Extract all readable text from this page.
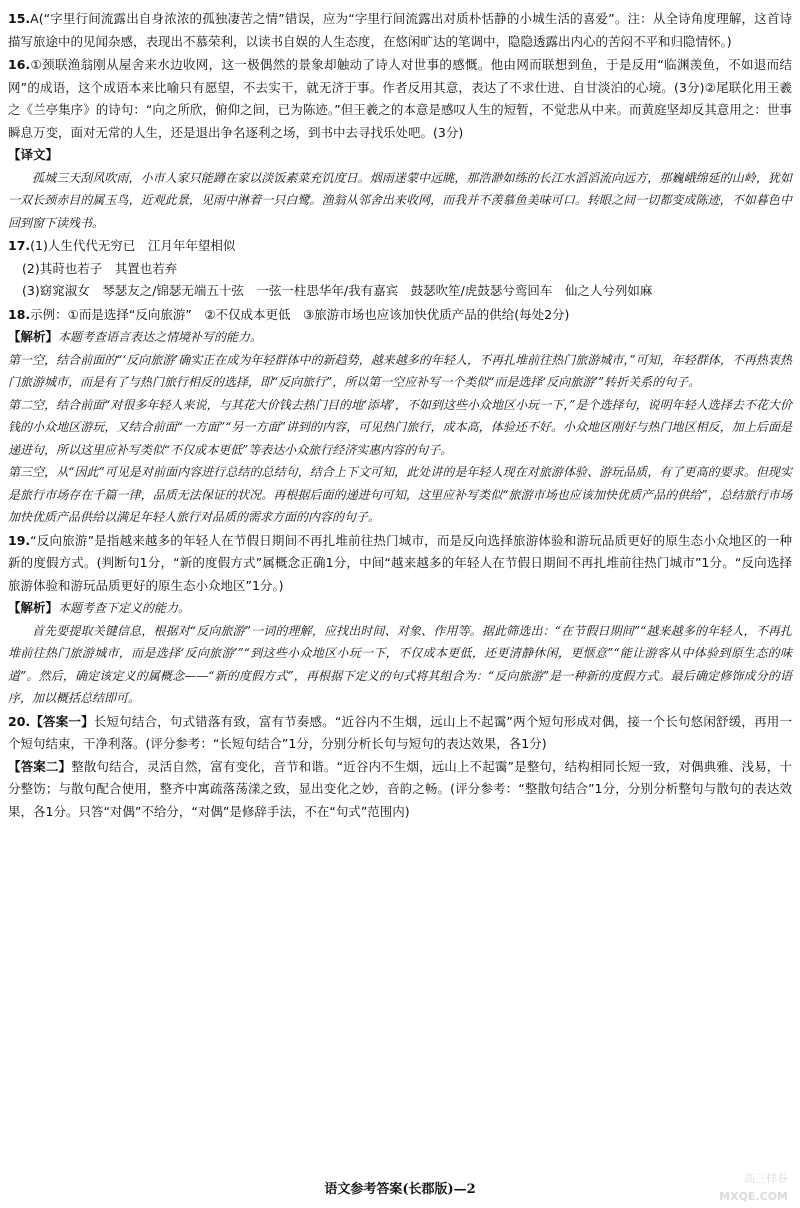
15.A(“字里行间流露出自身浓浓的孤独凄苦之情”错误，应为“字里行间流露出对质朴恬静的小城生活的喜爱”。注：从全诗角度理解，这首诗描写旅途中的见闻杂感，表现出不慕荣利，以读书自娱的人生态度，在悠闲旷达的笔调中，隐隐透露出内心的苦闷不平和归隐情怀。)

16.①颈联渔翁刚从屋舍来水边收网，这一极偶然的景象却触动了诗人对世事的感慨。他由网而联想到鱼，于是反用“临渊羡鱼，不如退而结网”的成语，这个成语本来比喻只有愿望，不去实干，就无济于事。作者反用其意，表达了不求仕进、自甘淡泊的心境。(3分)②尾联化用王羲之《兰亭集序》的诗句：“向之所欣，俯仰之间，已为陈迹。”但王羲之的本意是感叹人生的短暂，不觉悲从中来。而黄庭坚却反其意用之：世事瞬息万变，面对无常的人生，还是退出争名逐利之场，到书中去寻找乐处吧。(3分)

【译文】

孤城三天刮风吹雨，小市人家只能蹲在家以淡饭素菜充饥度日。烟雨迷蒙中远眺，那浩渺如练的长江水滔滔流向远方，那巍峨绵延的山岭，犹如一双长颈赤目的属玉鸟，近观此景，见雨中淋着一只白鹭。渔翁从邻舍出来收网，而我并不羡慕鱼美味可口。转眼之间一切都变成陈迹，不如暮色中回到窗下读残书。

17.(1)人生代代无穷已　江月年年望相似

(2)其莳也若子　其置也若弃

(3)窈窕淑女　琴瑟友之/锦瑟无端五十弦　一弦一柱思华年/我有嘉宾　鼓瑟吹笙/虎鼓瑟兮鸾回车　仙之人兮列如麻

18.示例：①而是选择“反向旅游”　②不仅成本更低　③旅游市场也应该加快优质产品的供给(每处2分)

【解析】本题考查语言表达之情境补写的能力。

第一空，结合前面的“‘反向旅游’确实正在成为年轻群体中的新趋势，越来越多的年轻人，不再扎堆前往热门旅游城市，”可知，年轻群体，不再热衷热门旅游城市，而是有了与热门旅行相反的选择，即“反向旅行”，所以第一空应补写一个类似“而是选择‘反向旅游’”转折关系的句子。

第二空，结合前面“对很多年轻人来说，与其花大价钱去热门目的地‘添堵’，不如到这些小众地区小玩一下，”是个选择句，说明年轻人选择去不花大价钱的小众地区游玩，又结合前面“一方面”“另一方面”讲到的内容，可见热门旅行，成本高，体验还不好。小众地区刚好与热门地区相反，加上后面是递进句，所以这里应补写类似“不仅成本更低”等表达小众旅行经济实惠内容的句子。

第三空，从“因此”可见是对前面内容进行总结的总结句，结合上下文可知，此处讲的是年轻人现在对旅游体验、游玩品质，有了更高的要求。但现实是旅行市场存在千篇一律，品质无法保证的状况。再根据后面的递进句可知，这里应补写类似“旅游市场也应该加快优质产品的供给”，总结旅行市场加快优质产品供给以满足年轻人旅行对品质的需求方面的内容的句子。

19.“反向旅游”是指越来越多的年轻人在节假日期间不再扎堆前往热门城市，而是反向选择旅游体验和游玩品质更好的原生态小众地区的一种新的度假方式。(判断句1分，“新的度假方式”属概念正确1分，中间“越来越多的年轻人在节假日期间不再扎堆前往热门城市”1分。“反向选择旅游体验和游玩品质更好的原生态小众地区”1分。)

【解析】本题考查下定义的能力。

首先要提取关键信息，根据对“反向旅游”一词的理解，应找出时间、对象、作用等。据此筛选出：“在节假日期间”“越来越多的年轻人，不再扎堆前往热门旅游城市，而是选择‘反向旅游’”“到这些小众地区小玩一下，不仅成本更低，还更清静休闲，更惬意”“能让游客从中体验到原生态的味道”。然后，确定该定义的属概念——“新的度假方式”，再根据下定义的句式将其组合为：“反向旅游”是一种新的度假方式。最后确定修饰成分的语序，加以概括总结即可。

20.【答案一】长短句结合，句式错落有致，富有节奏感。“近谷内不生烟，远山上不起霭”两个短句形成对偶，接一个长句悠闲舒缓，再用一个短句结束，干净利落。(评分参考：“长短句结合”1分，分别分析长句与短句的表达效果，各1分)

【答案二】整散句结合，灵活自然，富有变化，音节和谐。“近谷内不生烟，远山上不起霭”是整句，结构相同长短一致，对偶典雅、浅易，十分整饬；与散句配合使用，整齐中寓疏落荡漾之致，显出变化之妙，音韵之畅。(评分参考：“整散句结合”1分，分别分析整句与散句的表达效果，各1分。只答“对偶”不给分，“对偶”是修辞手法，不在“句式”范围内)

语文参考答案(长郡版)—2
高三样卷
MXQE.COM
